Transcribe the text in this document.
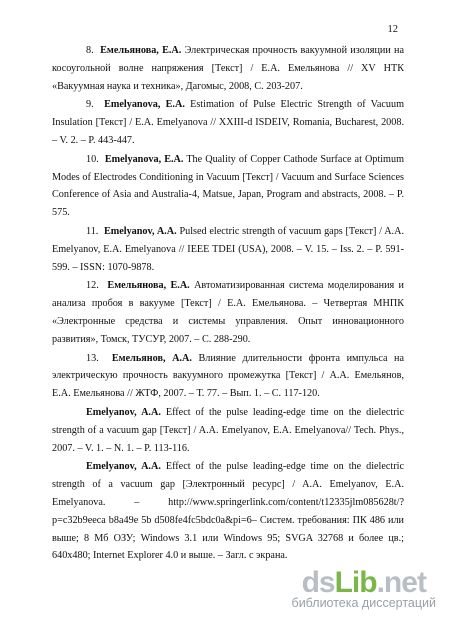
12

8. Емельянова, Е.А. Электрическая прочность вакуумной изоляции на косоугольной волне напряжения [Текст] / Е.А. Емельянова // XV НТК «Вакуумная наука и техника», Дагомыс, 2008, С. 203-207.

9. Emelyanova, E.A. Estimation of Pulse Electric Strength of Vacuum Insulation [Текст] / E.A. Emelyanova // XXIII-d ISDEIV, Romania, Bucharest, 2008. – V. 2. – P. 443-447.

10. Emelyanova, E.A. The Quality of Copper Cathode Surface at Optimum Modes of Electrodes Conditioning in Vacuum [Текст] / Vacuum and Surface Sciences Conference of Asia and Australia-4, Matsue, Japan, Program and abstracts, 2008. – P. 575.

11. Emelyanov, A.A. Pulsed electric strength of vacuum gaps [Текст] / A.A. Emelyanov, E.A. Emelyanova // IEEE TDEI (USA), 2008. – V. 15. – Iss. 2. – P. 591-599. – ISSN: 1070-9878.

12. Емельянова, Е.А. Автоматизированная система моделирования и анализа пробоя в вакууме [Текст] / Е.А. Емельянова. – Четвертая МНПК «Электронные средства и системы управления. Опыт инновационного развития», Томск, ТУСУР, 2007. – С. 288-290.

13. Емельянов, А.А. Влияние длительности фронта импульса на электрическую прочность вакуумного промежутка [Текст] / А.А. Емельянов, Е.А. Емельянова // ЖТФ, 2007. – Т. 77. – Вып. 1. – С. 117-120.

Emelyanov, A.A. Effect of the pulse leading-edge time on the dielectric strength of a vacuum gap [Текст] / A.A. Emelyanov, E.A. Emelyanova// Tech. Phys., 2007. – V. 1. – N. 1. – P. 113-116.

Emelyanov, A.A. Effect of the pulse leading-edge time on the dielectric strength of a vacuum gap [Электронный ресурс] / A.A. Emelyanov, E.A. Emelyanova. – http://www.springerlink.com/content/t12335jlm085628t/?p=c32b9eeca b8a49e 5b d508fe4fc5bdc0a&pi=6– Систем. требования: ПК 486 или выше; 8 Мб ОЗУ; Windows 3.1 или Windows 95; SVGA 32768 и более цв.; 640x480; Internet Explorer 4.0 и выше. – Загл. с экрана.

ds Lib .net
библиотека диссертаций
